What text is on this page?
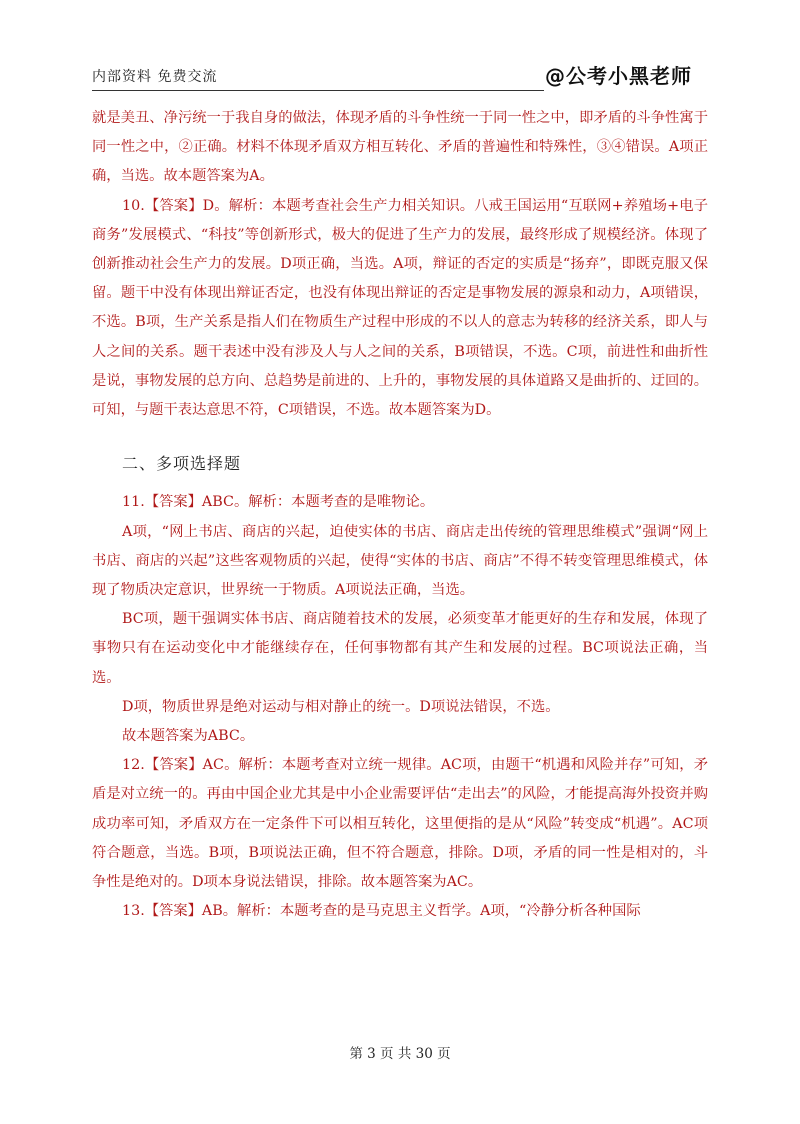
内部资料 免费交流	@公考小黑老师

就是美丑、净污统一于我自身的做法，体现矛盾的斗争性统一于同一性之中，即矛盾的斗争性寓于同一性之中，②正确。材料不体现矛盾双方相互转化、矛盾的普遍性和特殊性，③④错误。A项正确，当选。故本题答案为A。

10.【答案】D。解析：本题考查社会生产力相关知识。八戒王国运用“互联网+养殖场+电子商务”发展模式、“科技”等创新形式，极大的促进了生产力的发展，最终形成了规模经济。体现了创新推动社会生产力的发展。D项正确，当选。A项，辩证的否定的实质是“扬弃”，即既克服又保留。题干中没有体现出辩证否定，也没有体现出辩证的否定是事物发展的源泉和动力，A项错误，不选。B项，生产关系是指人们在物质生产过程中形成的不以人的意志为转移的经济关系，即人与人之间的关系。题干表述中没有涉及人与人之间的关系，B项错误，不选。C项，前进性和曲折性是说，事物发展的总方向、总趋势是前进的、上升的，事物发展的具体道路又是曲折的、迂回的。可知，与题干表达意思不符，C项错误，不选。故本题答案为D。

二、多项选择题

11.【答案】ABC。解析：本题考查的是唯物论。

A项，“网上书店、商店的兴起，迫使实体的书店、商店走出传统的管理思维模式”强调“网上书店、商店的兴起”这些客观物质的兴起，使得“实体的书店、商店”不得不转变管理思维模式，体现了物质决定意识，世界统一于物质。A项说法正确，当选。

BC项，题干强调实体书店、商店随着技术的发展，必须变革才能更好的生存和发展，体现了事物只有在运动变化中才能继续存在，任何事物都有其产生和发展的过程。BC项说法正确，当选。

D项，物质世界是绝对运动与相对静止的统一。D项说法错误，不选。

故本题答案为ABC。

12.【答案】AC。解析：本题考查对立统一规律。AC项，由题干“机遇和风险并存”可知，矛盾是对立统一的。再由中国企业尤其是中小企业需要评估“走出去”的风险，才能提高海外投资并购成功率可知，矛盾双方在一定条件下可以相互转化，这里便指的是从“风险”转变成“机遇”。AC项符合题意，当选。B项，B项说法正确，但不符合题意，排除。D项，矛盾的同一性是相对的，斗争性是绝对的。D项本身说法错误，排除。故本题答案为AC。

13.【答案】AB。解析：本题考查的是马克思主义哲学。A项，“冷静分析各种国际

第 3 页 共 30 页
